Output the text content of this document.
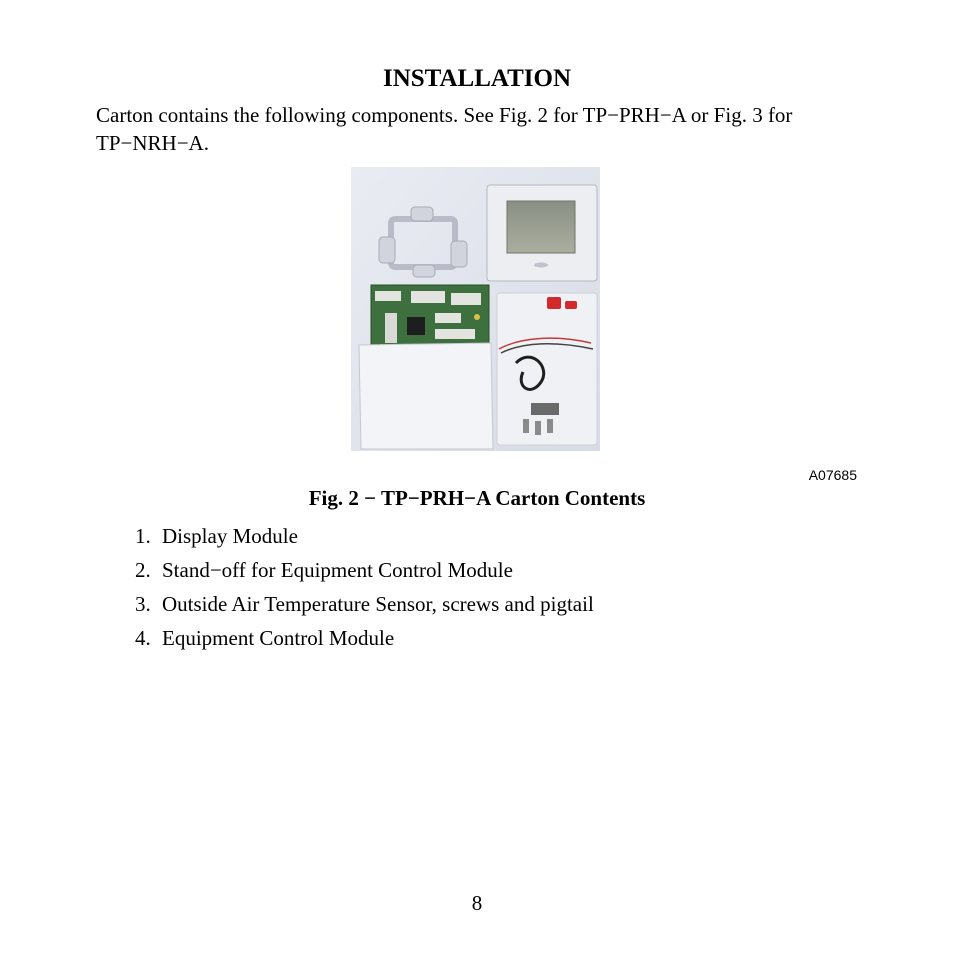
INSTALLATION
Carton contains the following components. See Fig. 2 for TP−PRH−A or Fig. 3 for TP−NRH−A.
A07685
Fig. 2 − TP−PRH−A Carton Contents
1. Display Module
2. Stand−off for Equipment Control Module
3. Outside Air Temperature Sensor, screws and pigtail
4. Equipment Control Module
8
